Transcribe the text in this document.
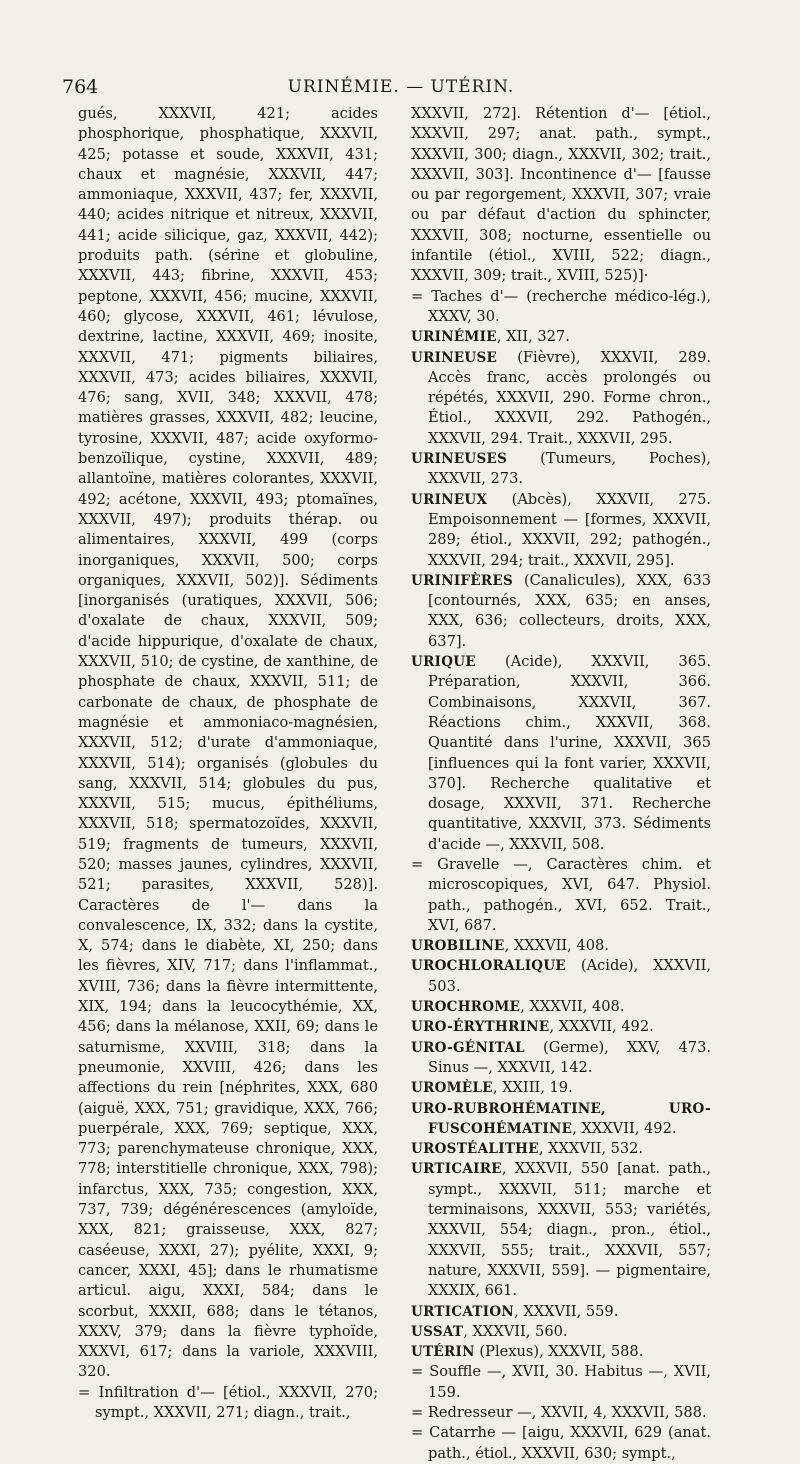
764	URINÉMIE. — UTÉRIN.

gués, XXXVII, 421; acides phosphorique, phosphatique, XXXVII, 425; potasse et soude, XXXVII, 431; chaux et magnésie, XXXVII, 447; ammoniaque, XXXVII, 437; fer, XXXVII, 440; acides nitrique et nitreux, XXXVII, 441; acide silicique, gaz, XXXVII, 442); produits path. (sérine et globuline, XXXVII, 443; fibrine, XXXVII, 453; peptone, XXXVII, 456; mucine, XXXVII, 460; glycose, XXXVII, 461; lévulose, dextrine, lactine, XXXVII, 469; inosite, XXXVII, 471; pigments biliaires, XXXVII, 473; acides biliaires, XXXVII, 476; sang, XVII, 348; XXXVII, 478; matières grasses, XXXVII, 482; leucine, tyrosine, XXXVII, 487; acide oxyformo-benzoïlique, cystine, XXXVII, 489; allantoïne, matières colorantes, XXXVII, 492; acétone, XXXVII, 493; ptomaïnes, XXXVII, 497); produits thérap. ou alimentaires, XXXVII, 499 (corps inorganiques, XXXVII, 500; corps organiques, XXXVII, 502)]. Sédiments [inorganisés (uratiques, XXXVII, 506; d'oxalate de chaux, XXXVII, 509; d'acide hippurique, d'oxalate de chaux, XXXVII, 510; de cystine, de xanthine, de phosphate de chaux, XXXVII, 511; de carbonate de chaux, de phosphate de magnésie et ammoniaco-magnésien, XXXVII, 512; d'urate d'ammoniaque, XXXVII, 514); organisés (globules du sang, XXXVII, 514; globules du pus, XXXVII, 515; mucus, épithéliums, XXXVII, 518; spermatozoïdes, XXXVII, 519; fragments de tumeurs, XXXVII, 520; masses jaunes, cylindres, XXXVII, 521; parasites, XXXVII, 528)]. Caractères de l'— dans la convalescence, IX, 332; dans la cystite, X, 574; dans le diabète, XI, 250; dans les fièvres, XIV, 717; dans l'inflammat., XVIII, 736; dans la fièvre intermittente, XIX, 194; dans la leucocythémie, XX, 456; dans la mélanose, XXII, 69; dans le saturnisme, XXVIII, 318; dans la pneumonie, XXVIII, 426; dans les affections du rein [néphrites, XXX, 680 (aiguë, XXX, 751; gravidique, XXX, 766; puerpérale, XXX, 769; septique, XXX, 773; parenchymateuse chronique, XXX, 778; interstitielle chronique, XXX, 798); infarctus, XXX, 735; congestion, XXX, 737, 739; dégénérescences (amyloïde, XXX, 821; graisseuse, XXX, 827; caséeuse, XXXI, 27); pyélite, XXXI, 9; cancer, XXXI, 45]; dans le rhumatisme articul. aigu, XXXI, 584; dans le scorbut, XXXII, 688; dans le tétanos, XXXV, 379; dans la fièvre typhoïde, XXXVI, 617; dans la variole, XXXVIII, 320.

= Infiltration d'— [étiol., XXXVII, 270; sympt., XXXVII, 271; diagn., trait.,

XXXVII, 272]. Rétention d'— [étiol., XXXVII, 297; anat. path., sympt., XXXVII, 300; diagn., XXXVII, 302; trait., XXXVII, 303]. Incontinence d'— [fausse ou par regorgement, XXXVII, 307; vraie ou par défaut d'action du sphincter, XXXVII, 308; nocturne, essentielle ou infantile (étiol., XVIII, 522; diagn., XXXVII, 309; trait., XVIII, 525)]·

= Taches d'— (recherche médico-lég.), XXXV, 30.

URINÉMIE, XII, 327.

URINEUSE (Fièvre), XXXVII, 289. Accès franc, accès prolongés ou répétés, XXXVII, 290. Forme chron., Étiol., XXXVII, 292. Pathogén., XXXVII, 294. Trait., XXXVII, 295.

URINEUSES (Tumeurs, Poches), XXXVII, 273.

URINEUX (Abcès), XXXVII, 275. Empoisonnement — [formes, XXXVII, 289; étiol., XXXVII, 292; pathogén., XXXVII, 294; trait., XXXVII, 295].

URINIFÈRES (Canalicules), XXX, 633 [contournés, XXX, 635; en anses, XXX, 636; collecteurs, droits, XXX, 637].

URIQUE (Acide), XXXVII, 365. Préparation, XXXVII, 366. Combinaisons, XXXVII, 367. Réactions chim., XXXVII, 368. Quantité dans l'urine, XXXVII, 365 [influences qui la font varier, XXXVII, 370]. Recherche qualitative et dosage, XXXVII, 371. Recherche quantitative, XXXVII, 373. Sédiments d'acide —, XXXVII, 508.

= Gravelle —, Caractères chim. et microscopiques, XVI, 647. Physiol. path., pathogén., XVI, 652. Trait., XVI, 687.

UROBILINE, XXXVII, 408.

UROCHLORALIQUE (Acide), XXXVII, 503.

UROCHROME, XXXVII, 408.

URO-ÉRYTHRINE, XXXVII, 492.

URO-GÉNITAL (Germe), XXV, 473. Sinus —, XXXVII, 142.

UROMÈLE, XXIII, 19.

URO-RUBROHÉMATINE, URO-FUSCOHÉMATINE, XXXVII, 492.

UROSTÉALITHE, XXXVII, 532.

URTICAIRE, XXXVII, 550 [anat. path., sympt., XXXVII, 511; marche et terminaisons, XXXVII, 553; variétés, XXXVII, 554; diagn., pron., étiol., XXXVII, 555; trait., XXXVII, 557; nature, XXXVII, 559]. — pigmentaire, XXXIX, 661.

URTICATION, XXXVII, 559.

USSAT, XXXVII, 560.

UTÉRIN (Plexus), XXXVII, 588.

= Souffle —, XVII, 30. Habitus —, XVII, 159.

= Redresseur —, XXVII, 4, XXXVII, 588.

= Catarrhe — [aigu, XXXVII, 629 (anat. path., étiol., XXXVII, 630; sympt.,
